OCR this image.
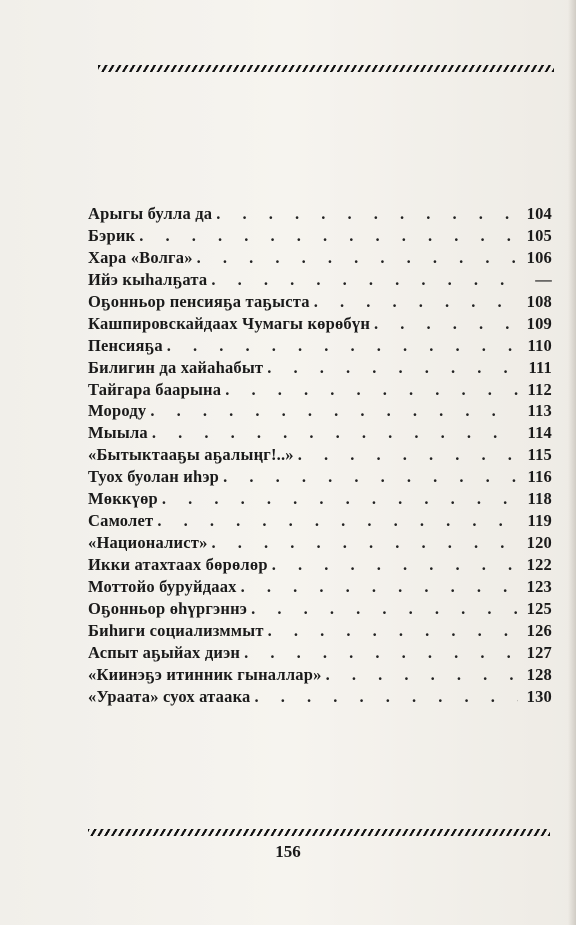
Арыгы булла да . . .	104
Бэрик . . .	105
Хара «Волга» . . .	106
Ийэ кыһалҕата . . .	—
Оҕонньор пенсияҕа таҕыста . . .	108
Кашпировскайдаах Чумагы көрөбүн . . .	109
Пенсияҕа . . .	110
Билигин да хайаһабыт . . .	111
Тайгара баарына . . .	112
Мороду . . .	113
Мыыла . . .	114
«Бытыктааҕы аҕалыңг!..» . . .	115
Туох буолан иһэр . . .	116
Мөккүөр . . .	118
Самолет . . .	119
«Националист» . . .	120
Икки атахтаах бөрөлөр . . .	122
Моттойо буруйдаах . . .	123
Оҕонньор өһүргэннэ . . .	125
Биһиги социализммыт . . .	126
Аспыт аҕыйах диэн . . .	127
«Киинэҕэ итинник гыналлар» . . .	128
«Ураата» суох атаака . . .	130
156
